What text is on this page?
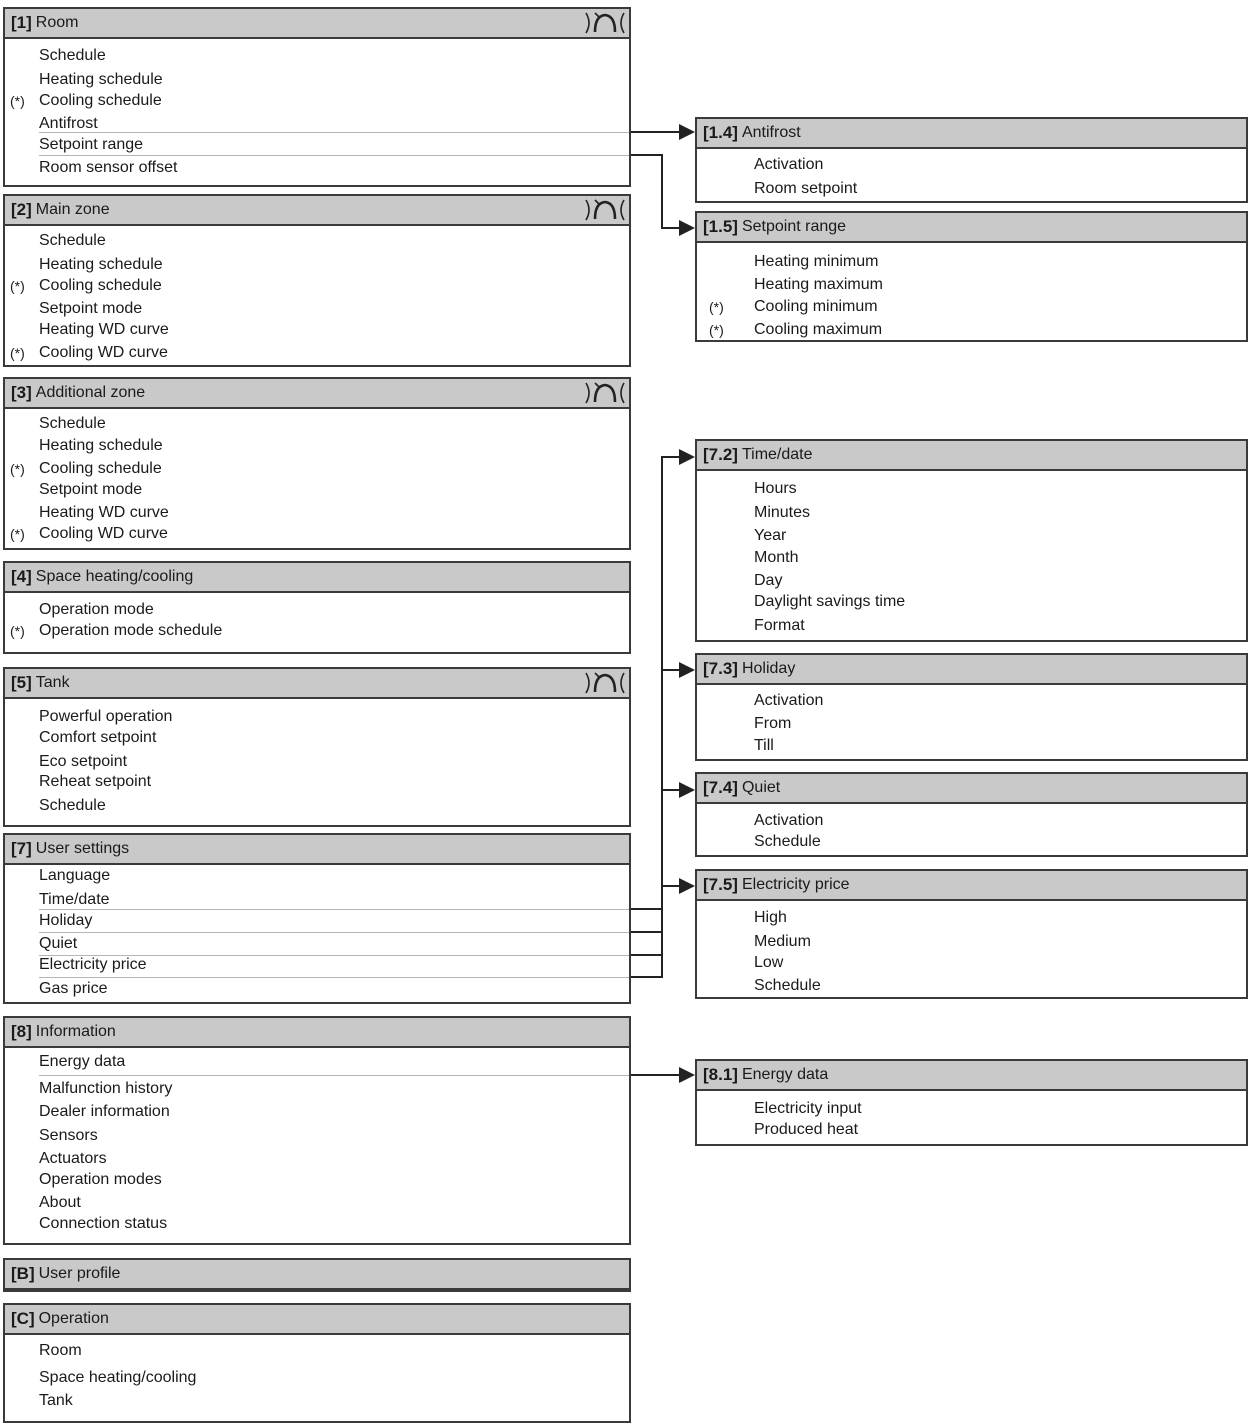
[1] Room
Schedule
Heating schedule
(*) Cooling schedule
Antifrost
Setpoint range
Room sensor offset
[2] Main zone
Schedule
Heating schedule
(*) Cooling schedule
Setpoint mode
Heating WD curve
(*) Cooling WD curve
[3] Additional zone
Schedule
Heating schedule
(*) Cooling schedule
Setpoint mode
Heating WD curve
(*) Cooling WD curve
[4] Space heating/cooling
Operation mode
(*) Operation mode schedule
[5] Tank
Powerful operation
Comfort setpoint
Eco setpoint
Reheat setpoint
Schedule
[7] User settings
Language
Time/date
Holiday
Quiet
Electricity price
Gas price
[8] Information
Energy data
Malfunction history
Dealer information
Sensors
Actuators
Operation modes
About
Connection status
[B] User profile
[C] Operation
Room
Space heating/cooling
Tank
[1.4] Antifrost
Activation
Room setpoint
[1.5] Setpoint range
Heating minimum
Heating maximum
(*) Cooling minimum
(*) Cooling maximum
[7.2] Time/date
Hours
Minutes
Year
Month
Day
Daylight savings time
Format
[7.3] Holiday
Activation
From
Till
[7.4] Quiet
Activation
Schedule
[7.5] Electricity price
High
Medium
Low
Schedule
[8.1] Energy data
Electricity input
Produced heat
